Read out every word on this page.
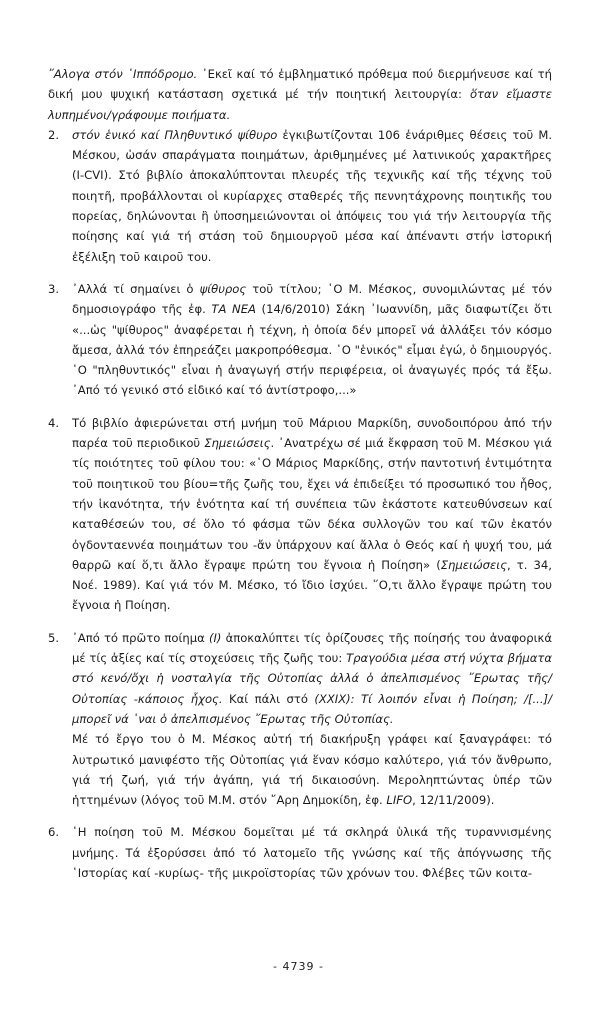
῎Αλογα στόν ῾Ιππόδρομο. ᾿Εκεῖ καί τό ἐμβληματικό πρόθεμα πού διερμήνευσε καί τή δική μου ψυχική κατάσταση σχετικά μέ τήν ποιητική λειτουργία: ὅταν εἴμαστε λυπημένοι/γράφουμε ποιήματα.

2.	στόν ἑνικό καί Πληθυντικό ψίθυρο ἐγκιβωτίζονται 106 ἐνάριθμες θέσεις τοῦ Μ. Μέσκου, ὡσάν σπαράγματα ποιημάτων, ἀριθμημένες μέ λατινικούς χαρακτῆρες (I-CVI). Στό βιβλίο ἀποκαλύπτονται πλευρές τῆς τεχνικῆς καί τῆς τέχνης τοῦ ποιητῆ, προβάλλονται οἱ κυρίαρχες σταθερές τῆς πεννητάχρονης ποιητικῆς του πορείας, δηλώνονται ἢ ὑποσημειώνονται οἱ ἀπόψεις του γιά τήν λειτουργία τῆς ποίησης καί γιά τή στάση τοῦ δημιουργοῦ μέσα καί ἀπέναντι στήν ἱστορική ἐξέλιξη τοῦ καιροῦ του.

3.	᾿Αλλά τί σημαίνει ὁ ψίθυρος τοῦ τίτλου; ῾Ο Μ. Μέσκος, συνομιλώντας μέ τόν δημοσιογράφο τῆς ἐφ. ΤΑ ΝΕΑ (14/6/2010) Σάκη ᾿Ιωαννίδη, μᾶς διαφωτίζει ὅτι «...ὡς "ψίθυρος" ἀναφέρεται ἡ τέχνη, ἡ ὁποία δέν μπορεῖ νά ἀλλάξει τόν κόσμο ἄμεσα, ἀλλά τόν ἐπηρεάζει μακροπρόθεσμα. ῾Ο "ἑνικός" εἶμαι ἐγώ, ὁ δημιουργός. ῾Ο "πληθυντικός" εἶναι ἡ ἀναγωγή στήν περιφέρεια, οἱ ἀναγωγές πρός τά ἔξω. ᾿Από τό γενικό στό εἰδικό καί τό ἀντίστροφο,...»

4.	Τό βιβλίο ἀφιερώνεται στή μνήμη τοῦ Μάριου Μαρκίδη, συνοδοιπόρου ἀπό τήν παρέα τοῦ περιοδικοῦ Σημειώσεις. ᾿Ανατρέχω σέ μιά ἔκφραση τοῦ Μ. Μέσκου γιά τίς ποιότητες τοῦ φίλου του: «῾Ο Μάριος Μαρκίδης, στήν παντοτινή ἐντιμότητα τοῦ ποιητικοῦ του βίου=τῆς ζωῆς του, ἔχει νά ἐπιδείξει τό προσωπικό του ἦθος, τήν ἱκανότητα, τήν ἑνότητα καί τή συνέπεια τῶν ἑκάστοτε κατευθύνσεων καί καταθέσεών του, σέ ὅλο τό φάσμα τῶν δέκα συλλογῶν του καί τῶν ἑκατόν ὀγδονταεννέα ποιημάτων του -ἄν ὑπάρχουν καί ἄλλα ὁ Θεός καί ἡ ψυχή του, μά θαρρῶ καί ὅ,τι ἄλλο ἔγραψε πρώτη του ἔγνοια ἡ Ποίηση» (Σημειώσεις, τ. 34, Νοέ. 1989). Καί γιά τόν Μ. Μέσκο, τό ἴδιο ἰσχύει. ῞Ο,τι ἄλλο ἔγραψε πρώτη του ἔγνοια ἡ Ποίηση.

5.	᾿Από τό πρῶτο ποίημα (I) ἀποκαλύπτει τίς ὁρίζουσες τῆς ποίησής του ἀναφορικά μέ τίς ἀξίες καί τίς στοχεύσεις τῆς ζωῆς του: Τραγούδια μέσα στή νύχτα βήματα στό κενό/ὄχι ἡ νοσταλγία τῆς Οὐτοπίας ἀλλά ὁ ἀπελπισμένος ῎Ερωτας τῆς/Οὐτοπίας -κάποιος ἦχος. Καί πάλι στό (XXIX): Τί λοιπόν εἶναι ἡ Ποίηση; /[...]/μπορεῖ νά ῾ναι ὁ ἀπελπισμένος ῎Ερωτας τῆς Οὐτοπίας.
Μέ τό ἔργο του ὁ Μ. Μέσκος αὐτή τή διακήρυξη γράφει καί ξαναγράφει: τό λυτρωτικό μανιφέστο τῆς Οὐτοπίας γιά ἕναν κόσμο καλύτερο, γιά τόν ἄνθρωπο, γιά τή ζωή, γιά τήν ἀγάπη, γιά τή δικαιοσύνη. Μεροληπτώντας ὑπέρ τῶν ἡττημένων (λόγος τοῦ Μ.Μ. στόν ῎Αρη Δημοκίδη, ἐφ. LIFO, 12/11/2009).

6.	῾Η ποίηση τοῦ Μ. Μέσκου δομεῖται μέ τά σκληρά ὑλικά τῆς τυραννισμένης μνήμης. Τά ἐξορύσσει ἀπό τό λατομεῖο τῆς γνώσης καί τῆς ἀπόγνωσης τῆς ῾Ιστορίας καί -κυρίως- τῆς μικροϊστορίας τῶν χρόνων του. Φλέβες τῶν κοιτα-

- 4739 -
